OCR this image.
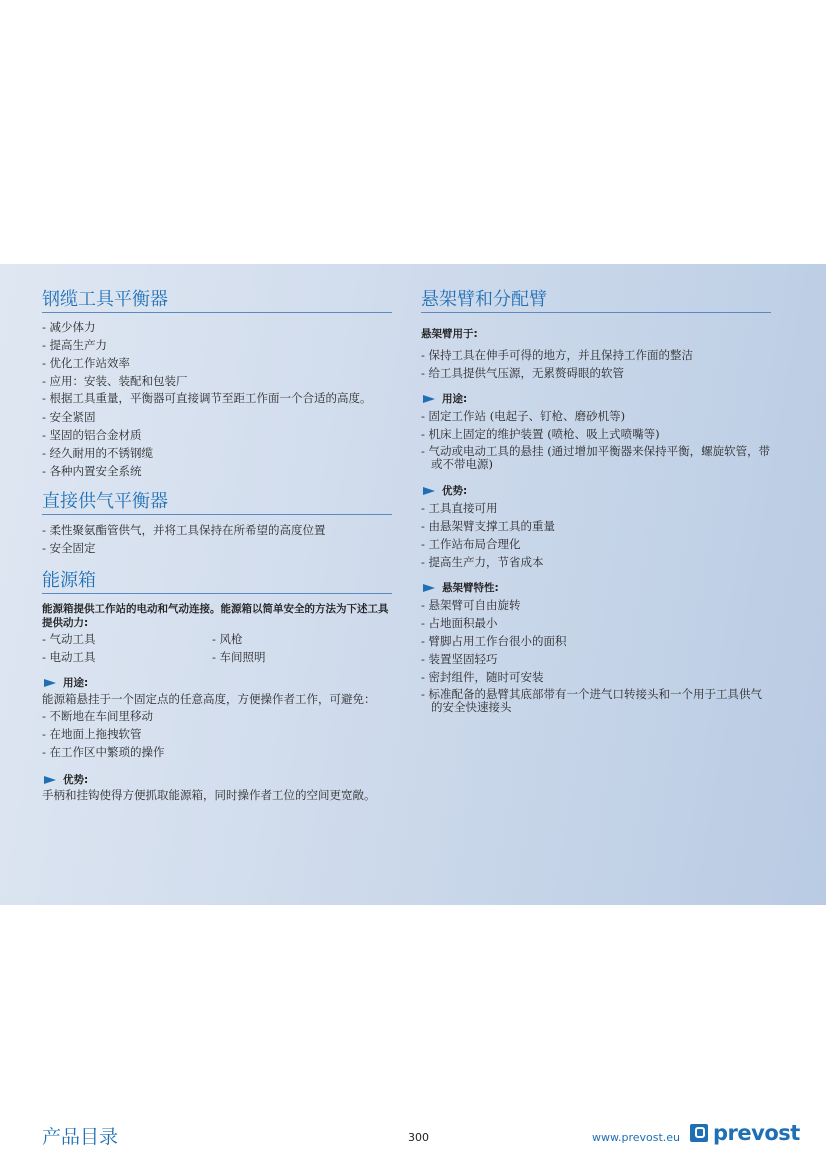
钢缆工具平衡器
- 减少体力
- 提高生产力
- 优化工作站效率
- 应用：安装、装配和包装厂
- 根据工具重量，平衡器可直接调节至距工作面一个合适的高度。
- 安全紧固
- 坚固的铝合金材质
- 经久耐用的不锈钢缆
- 各种内置安全系统
直接供气平衡器
- 柔性聚氨酯管供气，并将工具保持在所希望的高度位置
- 安全固定
能源箱

能源箱提供工作站的电动和气动连接。能源箱以简单安全的方法为下述工具提供动力:

- 气动工具
- 电动工具
- 风枪
- 车间照明
用途:

能源箱悬挂于一个固定点的任意高度，方便操作者工作，可避免：

- 不断地在车间里移动
- 在地面上拖拽软管
- 在工作区中繁琐的操作
优势:

手柄和挂钩使得方便抓取能源箱，同时操作者工位的空间更宽敞。

悬架臂和分配臂

悬架臂用于:

- 保持工具在伸手可得的地方，并且保持工作面的整洁
- 给工具提供气压源，无累赘碍眼的软管
用途:
- 固定工作站 (电起子、钉枪、磨砂机等)
- 机床上固定的维护装置 (喷枪、吸上式喷嘴等)
- 气动或电动工具的悬挂 (通过增加平衡器来保持平衡，螺旋软管，带或不带电源)
优势:
- 工具直接可用
- 由悬架臂支撑工具的重量
- 工作站布局合理化
- 提高生产力，节省成本
悬架臂特性:
- 悬架臂可自由旋转
- 占地面积最小
- 臂脚占用工作台很小的面积
- 装置坚固轻巧
- 密封组件，随时可安装
- 标准配备的悬臂其底部带有一个进气口转接头和一个用于工具供气的安全快速接头
产品目录	300	www.prevost.eu prevost
